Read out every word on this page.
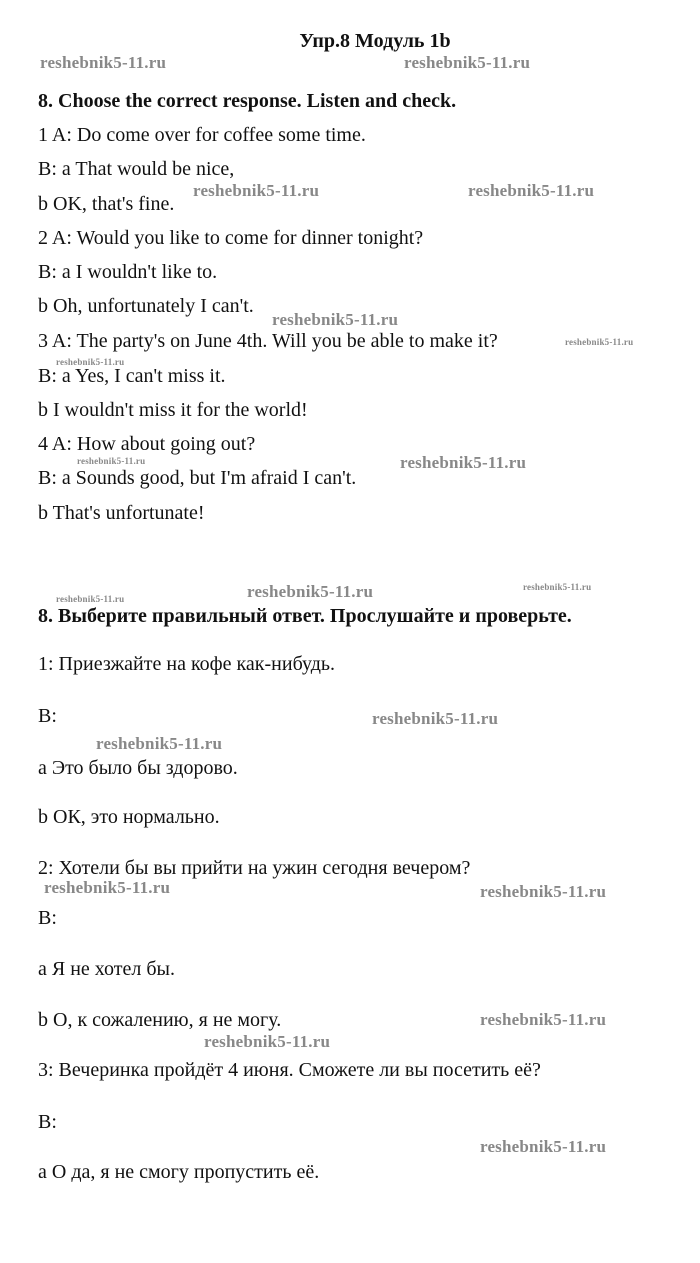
Упр.8 Модуль 1b
8. Choose the correct response. Listen and check.
1 A: Do come over for coffee some time.
B: a That would be nice,
b OK, that's fine.
2 A: Would you like to come for dinner tonight?
B: a I wouldn't like to.
b Oh, unfortunately I can't.
3 A: The party's on June 4th. Will you be able to make it?
B: a Yes, I can't miss it.
b I wouldn't miss it for the world!
4 A: How about going out?
B: a Sounds good, but I'm afraid I can't.
b That's unfortunate!
8. Выберите правильный ответ. Прослушайте и проверьте.
1: Приезжайте на кофе как-нибудь.
B:
a Это было бы здорово.
b ОК, это нормально.
2: Хотели бы вы прийти на ужин сегодня вечером?
B:
a Я не хотел бы.
b О, к сожалению, я не могу.
3: Вечеринка пройдёт 4 июня. Сможете ли вы посетить её?
B:
a О да, я не смогу пропустить её.
reshebnik5-11.ru	reshebnik5-11.ru
reshebnik5-11.ru	reshebnik5-11.ru
reshebnik5-11.ru
reshebnik5-11.ru
reshebnik5-11.ru
reshebnik5-11.ru	reshebnik5-11.ru
reshebnik5-11.ru	reshebnik5-11.ru	reshebnik5-11.ru
reshebnik5-11.ru
reshebnik5-11.ru
reshebnik5-11.ru	reshebnik5-11.ru
reshebnik5-11.ru
reshebnik5-11.ru
reshebnik5-11.ru
